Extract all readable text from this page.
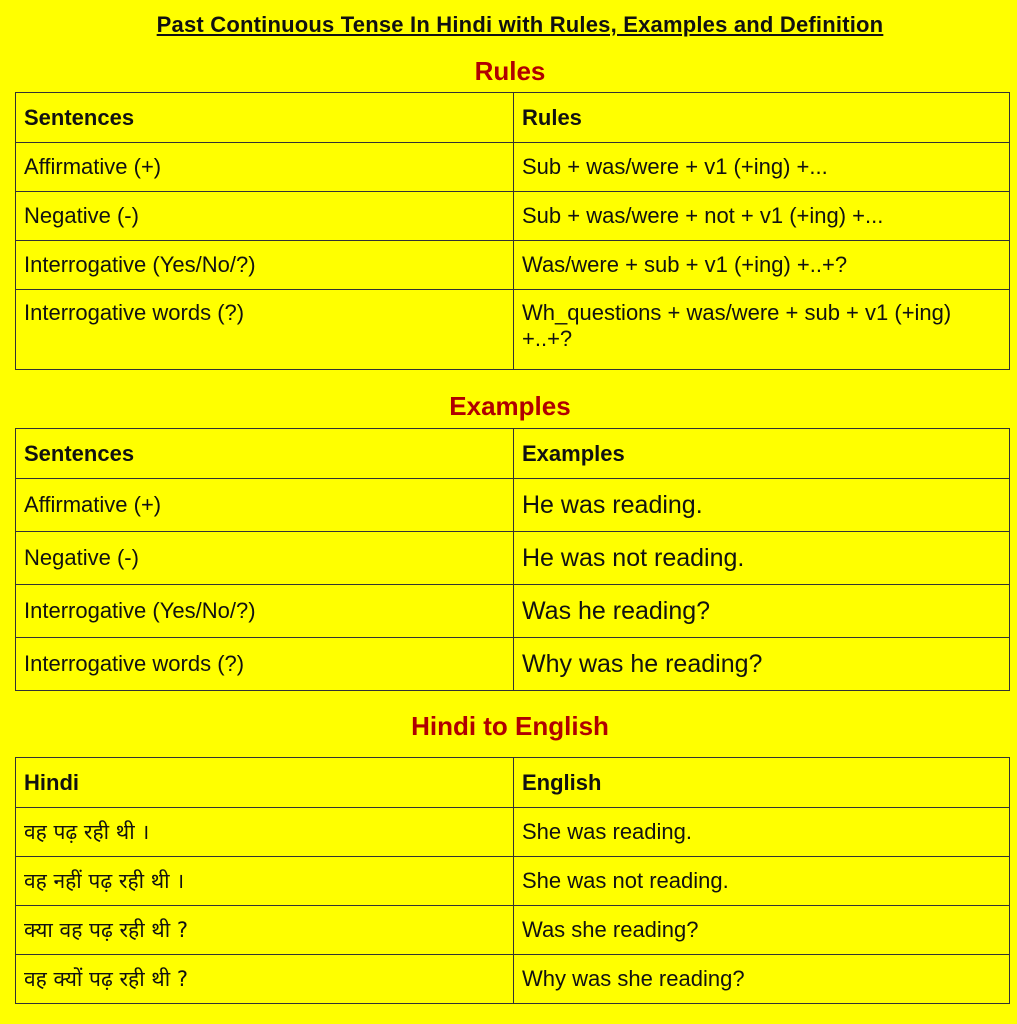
Past Continuous Tense In Hindi with Rules, Examples and Definition
Rules
Sentences	Rules
Affirmative (+)	Sub + was/were + v1 (+ing) +...
Negative (-)	Sub + was/were + not + v1 (+ing) +...
Interrogative (Yes/No/?)	Was/were + sub + v1 (+ing) +..+?
Interrogative words (?)	Wh_questions + was/were + sub + v1 (+ing) +..+?
Examples
Sentences	Examples
Affirmative (+)	He was reading.
Negative (-)	He was not reading.
Interrogative (Yes/No/?)	Was he reading?
Interrogative words (?)	Why was he reading?
Hindi to English
Hindi	English
वह पढ़ रही थी ।	She was reading.
वह नहीं पढ़ रही थी ।	She was not reading.
क्या वह पढ़ रही थी ?	Was she reading?
वह क्यों पढ़ रही थी ?	Why was she reading?
